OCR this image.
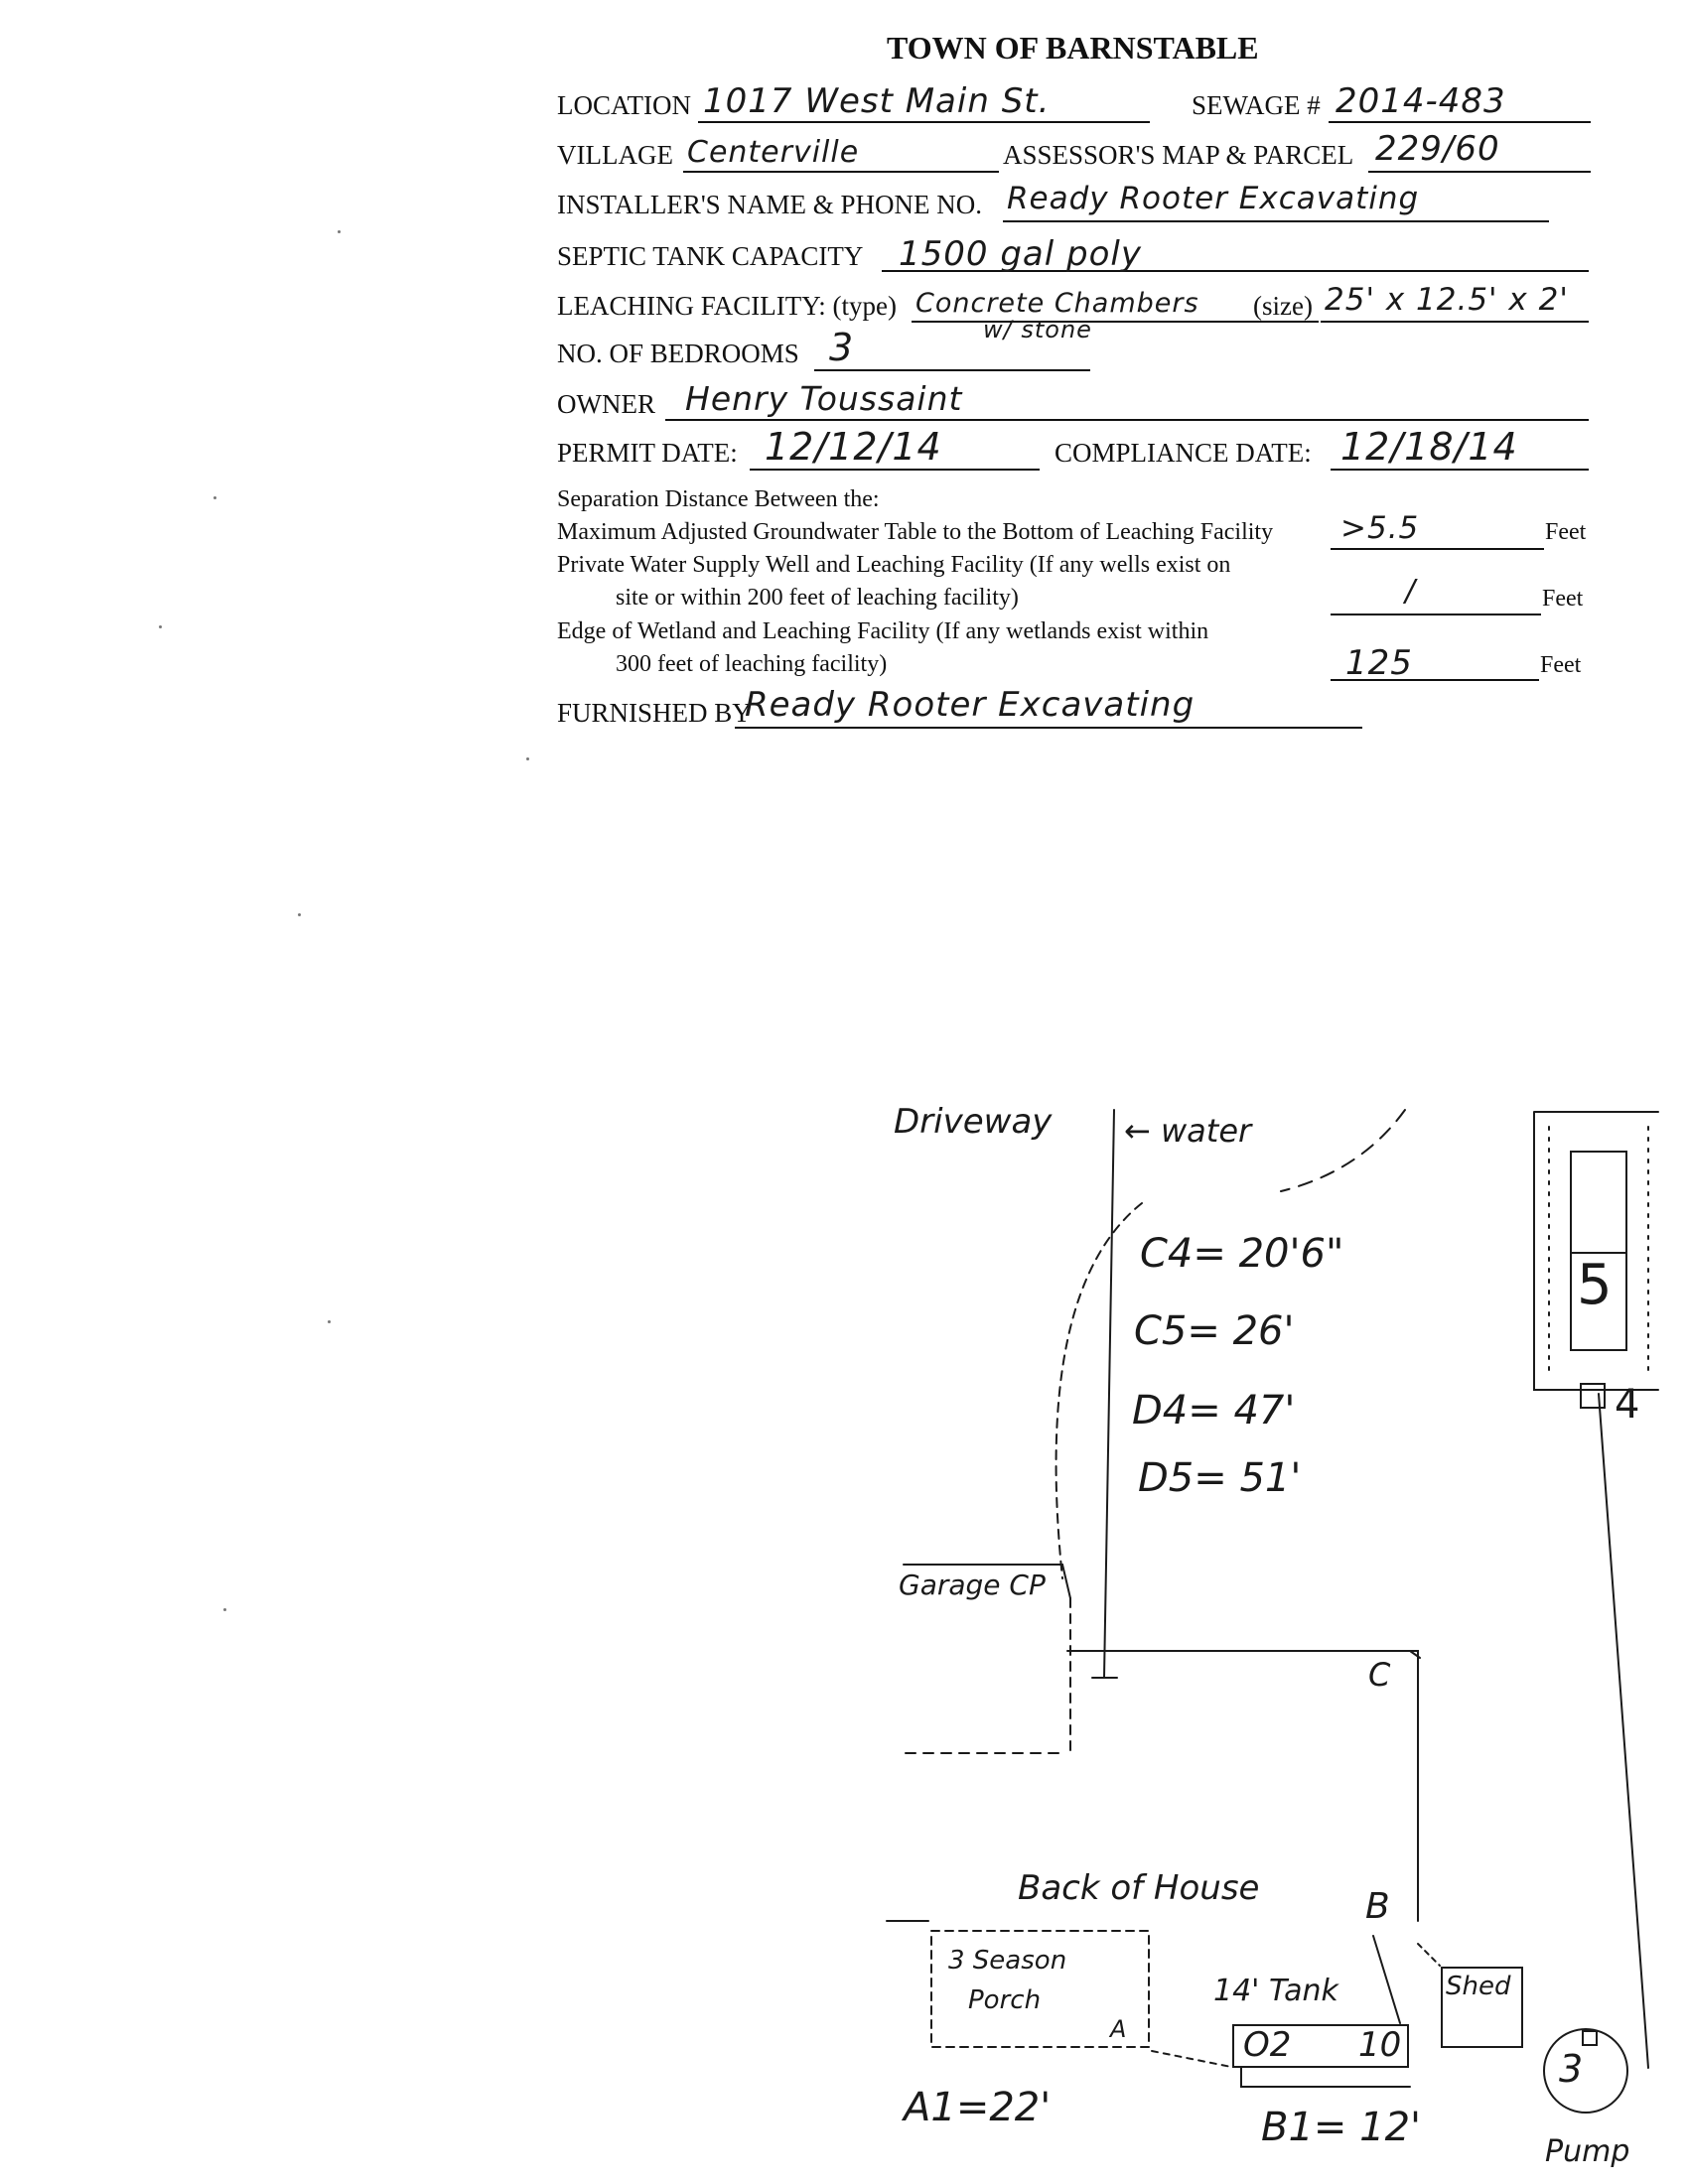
TOWN OF BARNSTABLE
LOCATION 1017 West Main St.	SEWAGE # 2014-483
VILLAGE Centerville	ASSESSOR'S MAP & PARCEL 229/60
INSTALLER'S NAME & PHONE NO. Ready Rooter Excavating
SEPTIC TANK CAPACITY 1500 gal poly
LEACHING FACILITY: (type) Concrete Chambers
w/ stone
(size) 25' x 12.5' x 2'
NO. OF BEDROOMS 3
OWNER Henry Toussaint
PERMIT DATE: 12/12/14	COMPLIANCE DATE: 12/18/14
Separation Distance Between the:
Maximum Adjusted Groundwater Table to the Bottom of Leaching Facility >5.5	Feet
Private Water Supply Well and Leaching Facility (If any wells exist on
site or within 200 feet of leaching facility)	/	Feet
Edge of Wetland and Leaching Facility (If any wetlands exist within
300 feet of leaching facility)	125	Feet
FURNISHED BY
Ready Rooter Excavating
Driveway ← water
C4= 20'6"
C5= 26'
D4= 47'
D5= 51'
Garage CP
C
Back of House	B
3 Season
Porch
A
14' Tank
O2 10
Shed
A1=22'	B1= 12'
3
Pump
5
4
